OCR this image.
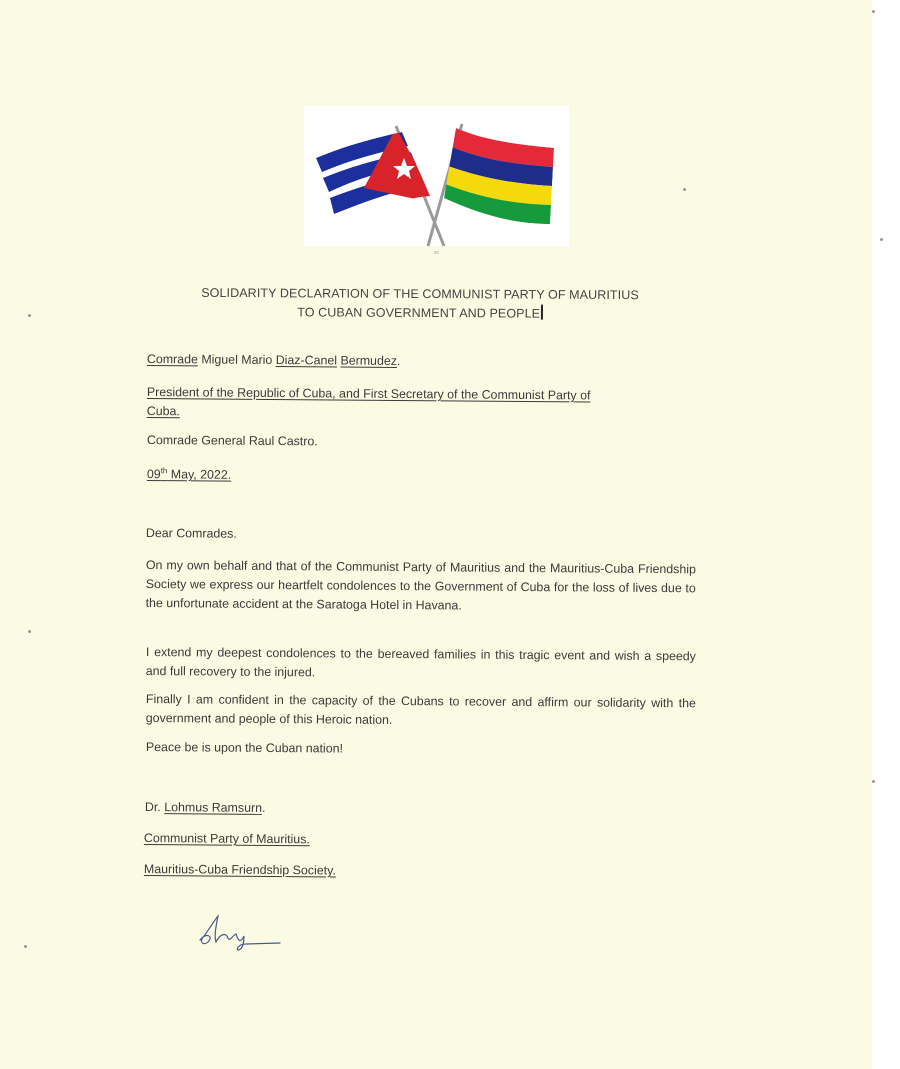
sc
SOLIDARITY DECLARATION OF THE COMMUNIST PARTY OF MAURITIUS
TO CUBAN GOVERNMENT AND PEOPLE
Comrade Miguel Mario Diaz-Canel Bermudez.
President of the Republic of Cuba, and First Secretary of the Communist Party of
Cuba.
Comrade General Raul Castro.
09th May, 2022.
Dear Comrades.
On my own behalf and that of the Communist Party of Mauritius and the Mauritius-Cuba Friendship Society we express our heartfelt condolences to the Government of Cuba for the loss of lives due to the unfortunate accident at the Saratoga Hotel in Havana.
I extend my deepest condolences to the bereaved families in this tragic event and wish a speedy and full recovery to the injured.
Finally I am confident in the capacity of the Cubans to recover and affirm our solidarity with the government and people of this Heroic nation.
Peace be is upon the Cuban nation!
Dr. Lohmus Ramsurn.
Communist Party of Mauritius.
Mauritius-Cuba Friendship Society.
